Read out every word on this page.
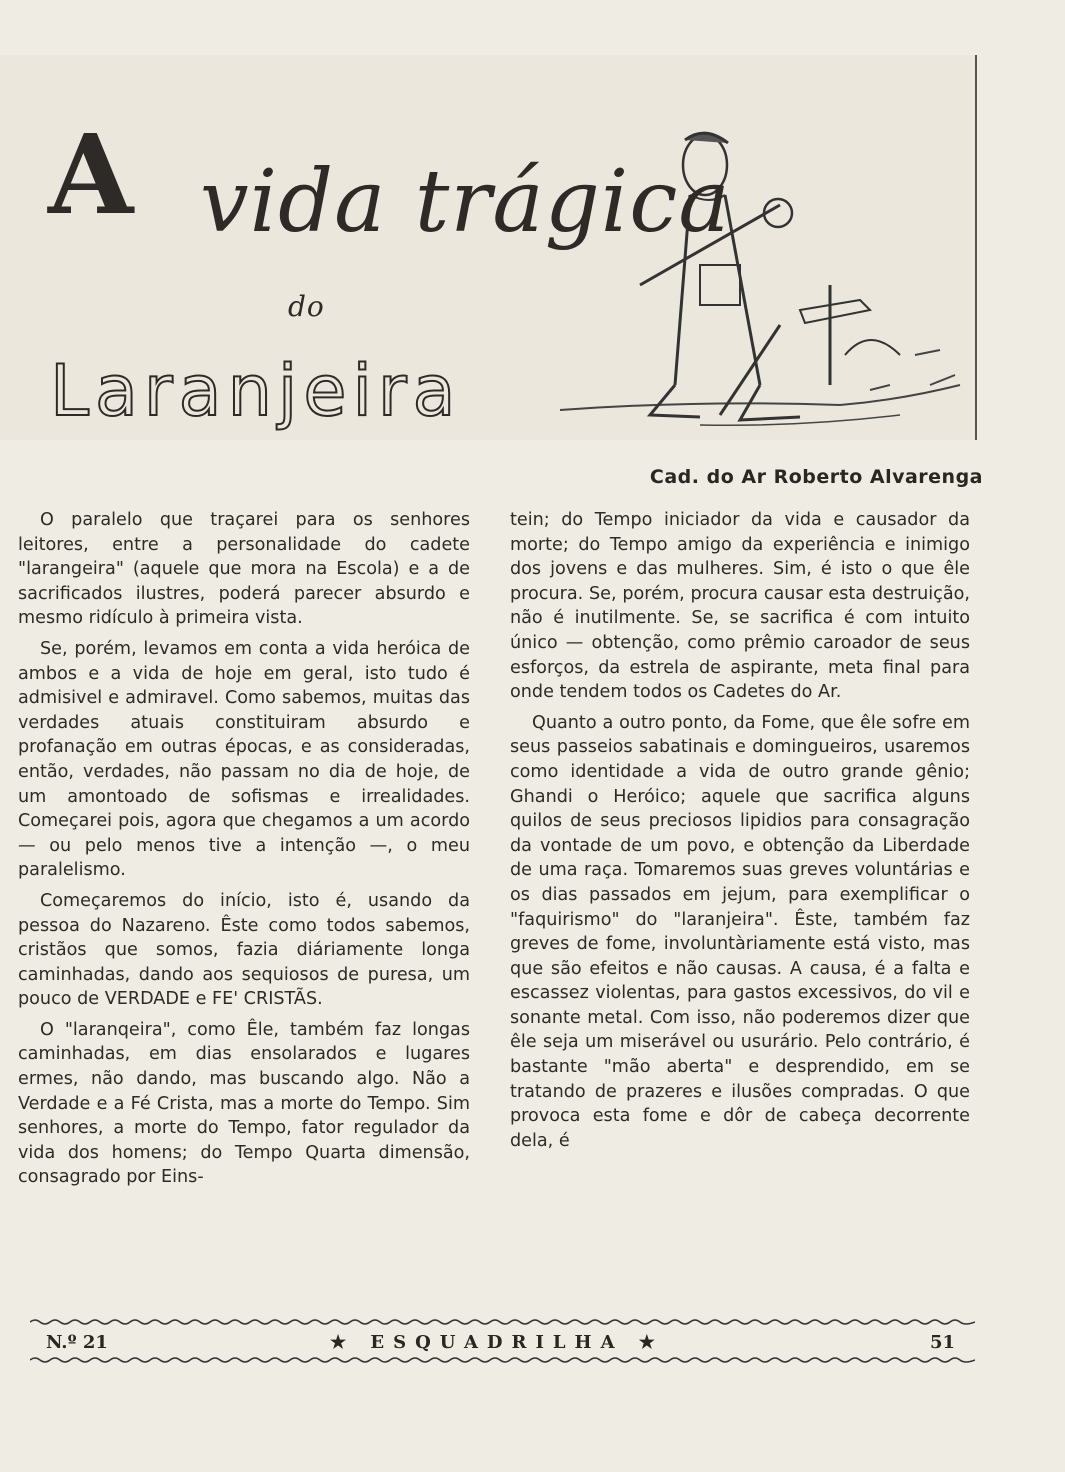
A vida trágica
do
Laranjeira
Cad. do Ar Roberto Alvarenga

O paralelo que traçarei para os senhores leitores, entre a personalidade do cadete "larangeira" (aquele que mora na Escola) e a de sacrificados ilustres, poderá parecer absurdo e mesmo ridículo à primeira vista.

Se, porém, levamos em conta a vida heróica de ambos e a vida de hoje em geral, isto tudo é admisivel e admiravel. Como sabemos, muitas das verdades atuais constituiram absurdo e profanação em outras épocas, e as consideradas, então, verdades, não passam no dia de hoje, de um amontoado de sofismas e irrealidades. Começarei pois, agora que chegamos a um acordo — ou pelo menos tive a intenção —, o meu paralelismo.

Começaremos do início, isto é, usando da pessoa do Nazareno. Êste como todos sabemos, cristãos que somos, fazia diáriamente longa caminhadas, dando aos sequiosos de puresa, um pouco de VERDADE e FE' CRISTÃS.

O "laranqeira", como Êle, também faz longas caminhadas, em dias ensolarados e lugares ermes, não dando, mas buscando algo. Não a Verdade e a Fé Crista, mas a morte do Tempo. Sim senhores, a morte do Tempo, fator regulador da vida dos homens; do Tempo Quarta dimensão, consagrado por Eins-

tein; do Tempo iniciador da vida e causador da morte; do Tempo amigo da experiência e inimigo dos jovens e das mulheres. Sim, é isto o que êle procura. Se, porém, procura causar esta destruição, não é inutilmente. Se, se sacrifica é com intuito único — obtenção, como prêmio caroador de seus esforços, da estrela de aspirante, meta final para onde tendem todos os Cadetes do Ar.

Quanto a outro ponto, da Fome, que êle sofre em seus passeios sabatinais e domingueiros, usaremos como identidade a vida de outro grande gênio; Ghandi o Heróico; aquele que sacrifica alguns quilos de seus preciosos lipidios para consagração da vontade de um povo, e obtenção da Liberdade de uma raça. Tomaremos suas greves voluntárias e os dias passados em jejum, para exemplificar o "faquirismo" do "laranjeira". Êste, também faz greves de fome, involuntàriamente está visto, mas que são efeitos e não causas. A causa, é a falta e escassez violentas, para gastos excessivos, do vil e sonante metal. Com isso, não poderemos dizer que êle seja um miserável ou usurário. Pelo contrário, é bastante "mão aberta" e desprendido, em se tratando de prazeres e ilusões compradas. O que provoca esta fome e dôr de cabeça decorrente dela, é

N.º 21	★ ESQUADRILHA ★	51
